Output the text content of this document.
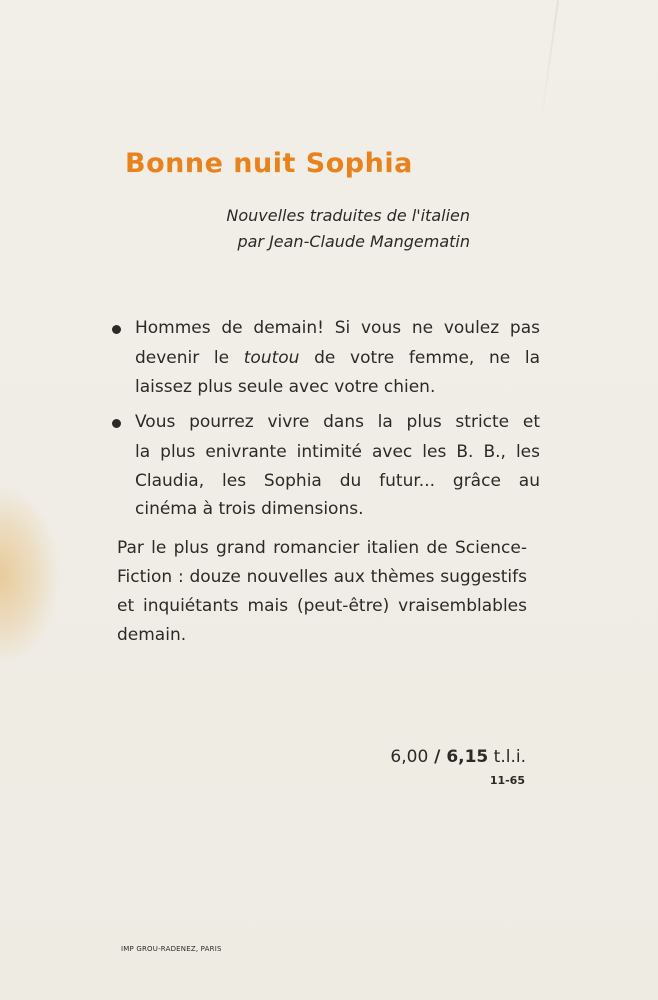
Bonne nuit Sophia
Nouvelles traduites de l'italien
par Jean-Claude Mangematin
Hommes de demain! Si vous ne voulez pas
devenir le toutou de votre femme, ne la
laissez plus seule avec votre chien.
Vous pourrez vivre dans la plus stricte et
la plus enivrante intimité avec les B. B., les
Claudia, les Sophia du futur... grâce au
cinéma à trois dimensions.
Par le plus grand romancier italien de Science-
Fiction : douze nouvelles aux thèmes suggestifs
et inquiétants mais (peut-être) vraisemblables
demain.
6,00 / 6,15 t.l.i.
11-65
IMP GROU-RADENEZ, PARIS
